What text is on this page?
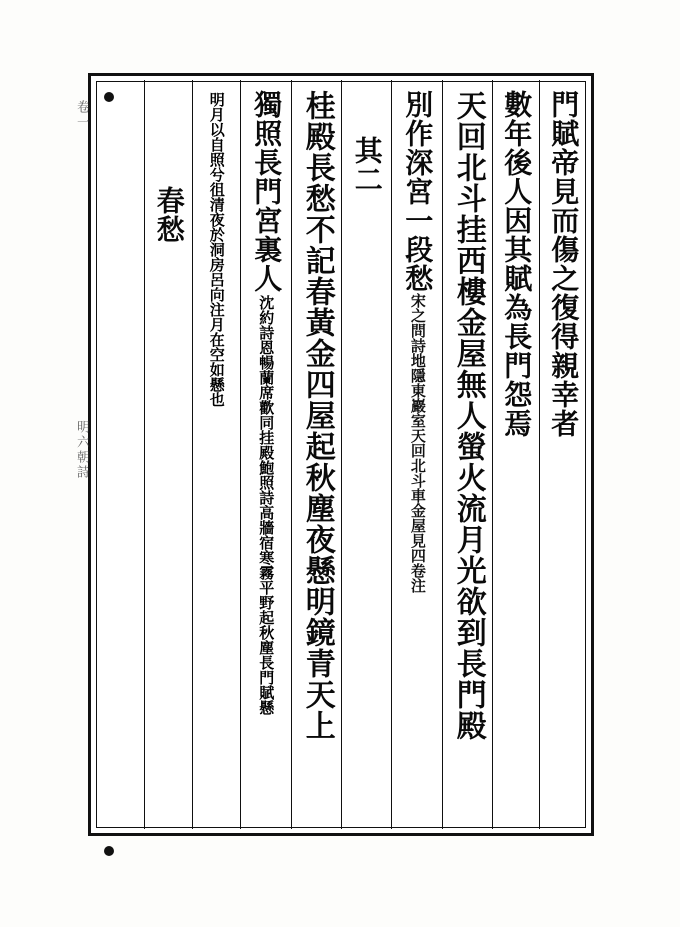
卷一
明六朝詩
門賦帝見而傷之復得親幸者
數年後人因其賦為長門怨焉
天回北斗挂西樓金屋無人螢火流月光欲到長門殿
別作深宮一段愁
宋之問詩地隱東巖室天回北斗車金屋見四卷注
其二
桂殿長愁不記春黃金四屋起秋塵夜懸明鏡青天上
獨照長門宮裏人
沈約詩恩暢蘭席歡同挂殿鮑照詩高牆宿寒霧平野起秋塵長門賦懸
明月以自照兮徂清夜於洞房呂向注月在空如懸也
春愁
